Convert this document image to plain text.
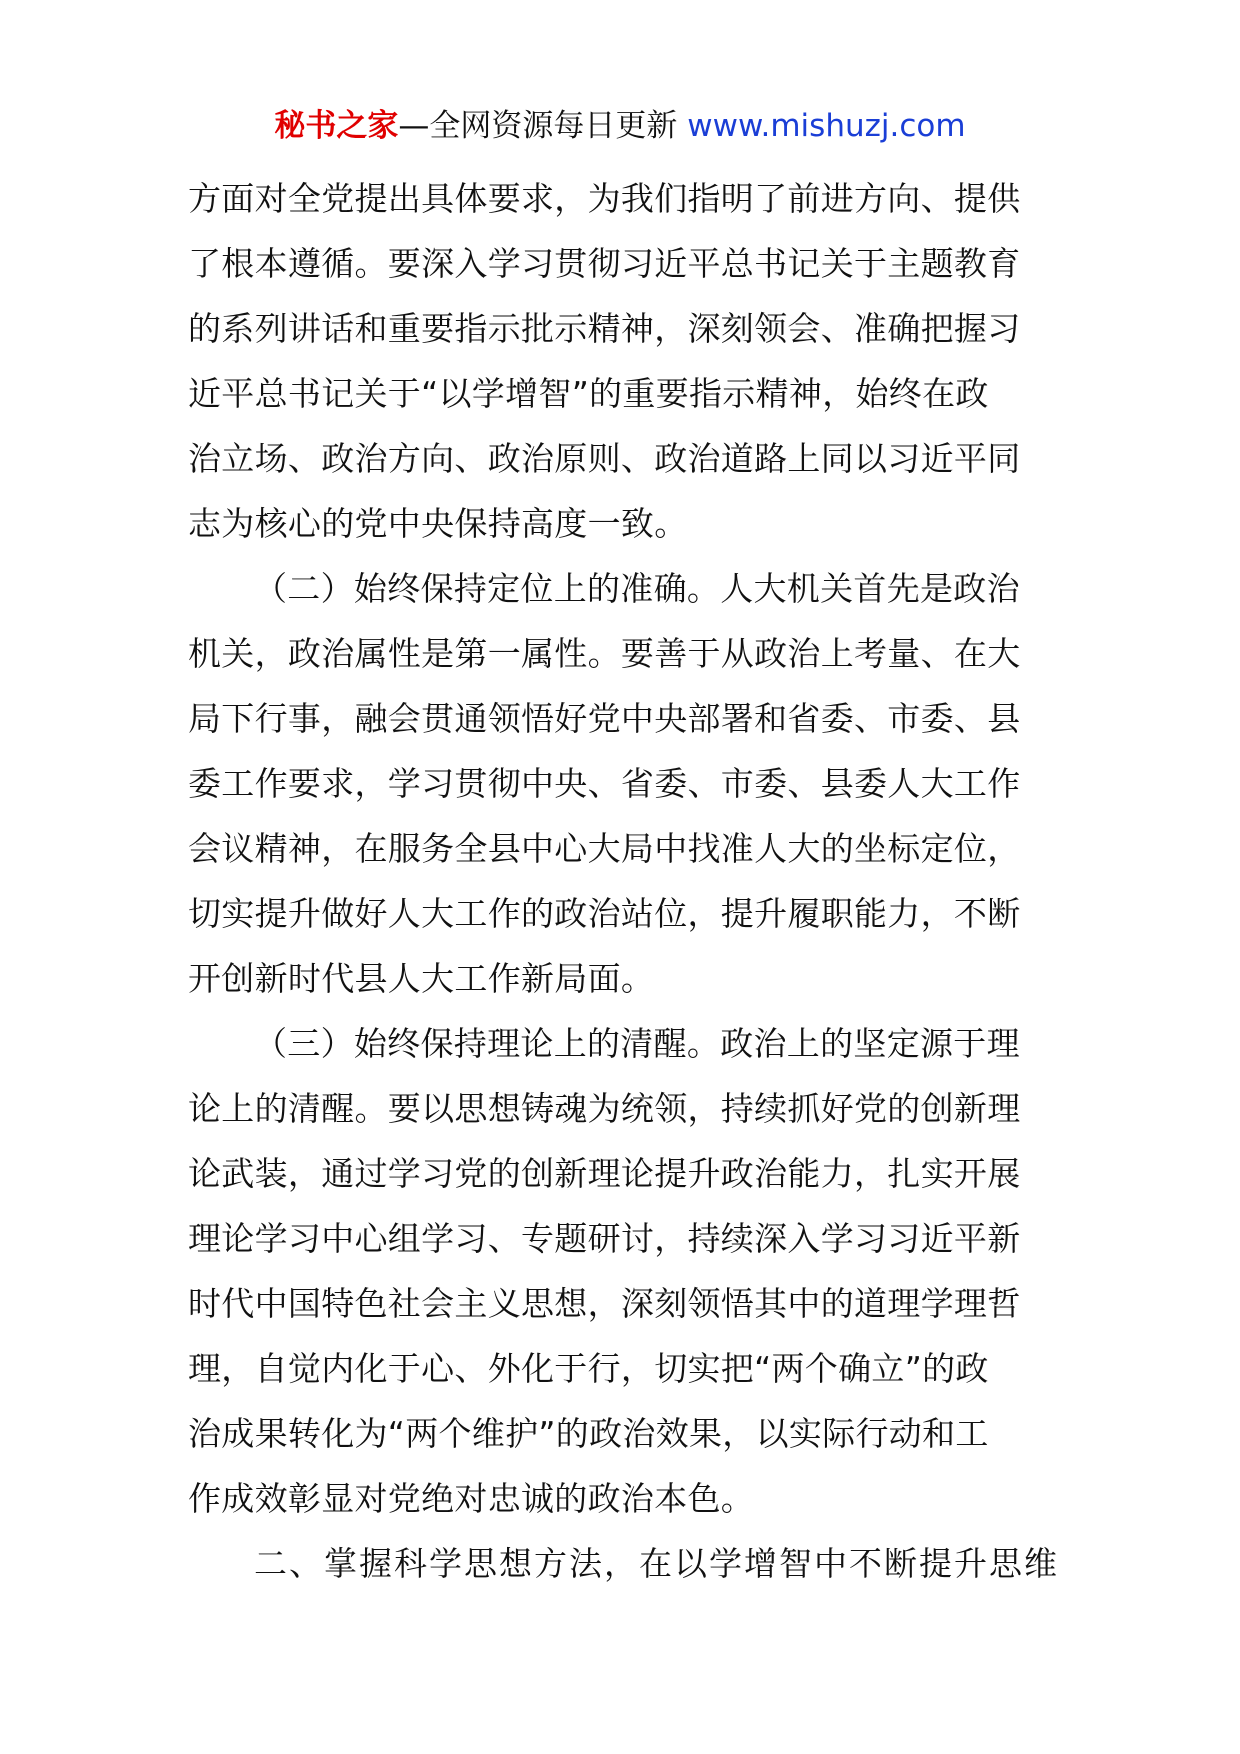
秘书之家—全网资源每日更新 www.mishuzj.com
方面对全党提出具体要求，为我们指明了前进方向、提供
了根本遵循。要深入学习贯彻习近平总书记关于主题教育
的系列讲话和重要指示批示精神，深刻领会、准确把握习
近平总书记关于“以学增智”的重要指示精神，始终在政
治立场、政治方向、政治原则、政治道路上同以习近平同
志为核心的党中央保持高度一致。
（二）始终保持定位上的准确。人大机关首先是政治
机关，政治属性是第一属性。要善于从政治上考量、在大
局下行事，融会贯通领悟好党中央部署和省委、市委、县
委工作要求，学习贯彻中央、省委、市委、县委人大工作
会议精神，在服务全县中心大局中找准人大的坐标定位，
切实提升做好人大工作的政治站位，提升履职能力，不断
开创新时代县人大工作新局面。
（三）始终保持理论上的清醒。政治上的坚定源于理
论上的清醒。要以思想铸魂为统领，持续抓好党的创新理
论武装，通过学习党的创新理论提升政治能力，扎实开展
理论学习中心组学习、专题研讨，持续深入学习习近平新
时代中国特色社会主义思想，深刻领悟其中的道理学理哲
理，自觉内化于心、外化于行，切实把“两个确立”的政
治成果转化为“两个维护”的政治效果，以实际行动和工
作成效彰显对党绝对忠诚的政治本色。
二、掌握科学思想方法，在以学增智中不断提升思维
